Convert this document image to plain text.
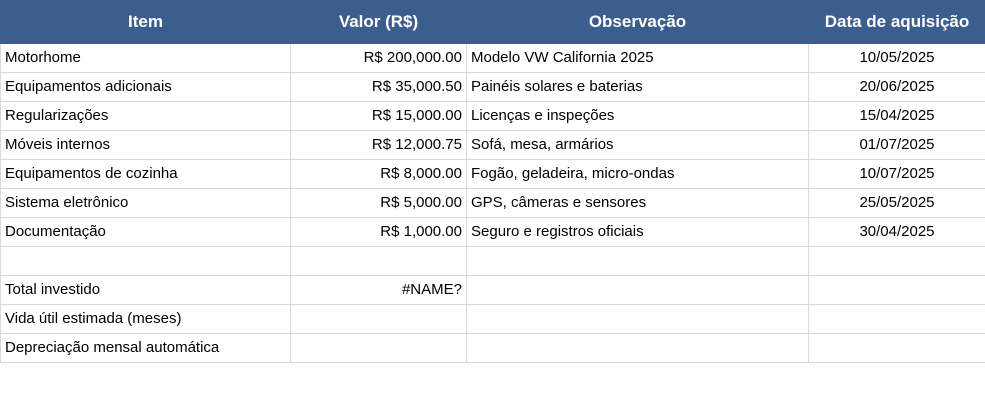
Item	Valor (R$)	Observação	Data de aquisição
Motorhome	R$ 200,000.00	Modelo VW California 2025	10/05/2025
Equipamentos adicionais	R$ 35,000.50	Painéis solares e baterias	20/06/2025
Regularizações	R$ 15,000.00	Licenças e inspeções	15/04/2025
Móveis internos	R$ 12,000.75	Sofá, mesa, armários	01/07/2025
Equipamentos de cozinha	R$ 8,000.00	Fogão, geladeira, micro-ondas	10/07/2025
Sistema eletrônico	R$ 5,000.00	GPS, câmeras e sensores	25/05/2025
Documentação	R$ 1,000.00	Seguro e registros oficiais	30/04/2025

Total investido	#NAME?		
Vida útil estimada (meses)			
Depreciação mensal automática			
